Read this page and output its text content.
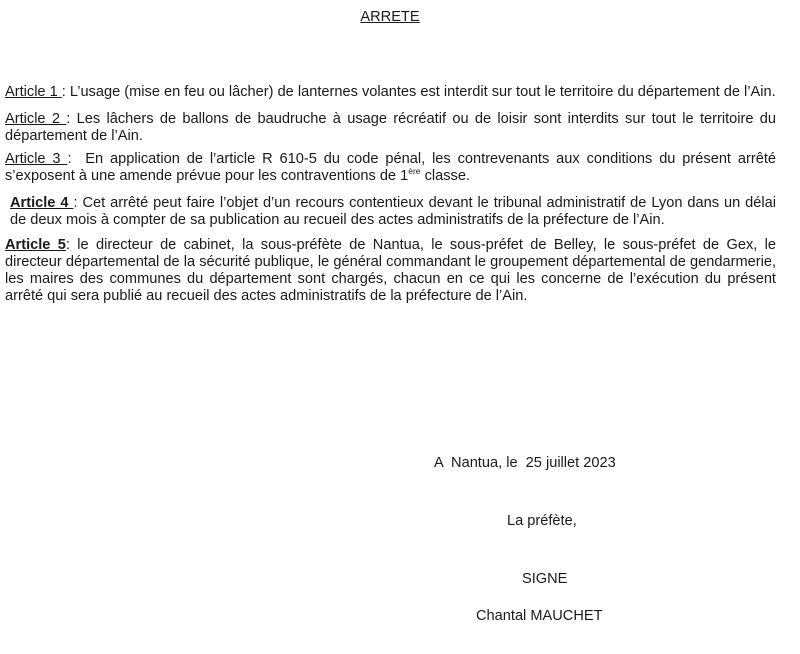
ARRETE

Article 1 : L’usage (mise en feu ou lâcher) de lanternes volantes est interdit sur tout le territoire du département de l’Ain.

Article 2 : Les lâchers de ballons de baudruche à usage récréatif ou de loisir sont interdits sur tout le territoire du département de l’Ain.

Article 3 :  En application de l’article R 610-5 du code pénal, les contrevenants aux conditions du présent arrêté s’exposent à une amende prévue pour les contraventions de 1ère classe.

Article 4 : Cet arrêté peut faire l’objet d’un recours contentieux devant le tribunal administratif de Lyon dans un délai de deux mois à compter de sa publication au recueil des actes administratifs de la préfecture de l’Ain.

Article 5: le directeur de cabinet, la sous-préfète de Nantua, le sous-préfet de Belley, le sous-préfet de Gex, le directeur départemental de la sécurité publique, le général commandant le groupement départemental de gendarmerie, les maires des communes du département sont chargés, chacun en ce qui les concerne de l’exécution du présent arrêté qui sera publié au recueil des actes administratifs de la préfecture de l’Ain.

A  Nantua, le  25 juillet 2023
La préfète,
SIGNE
Chantal MAUCHET
